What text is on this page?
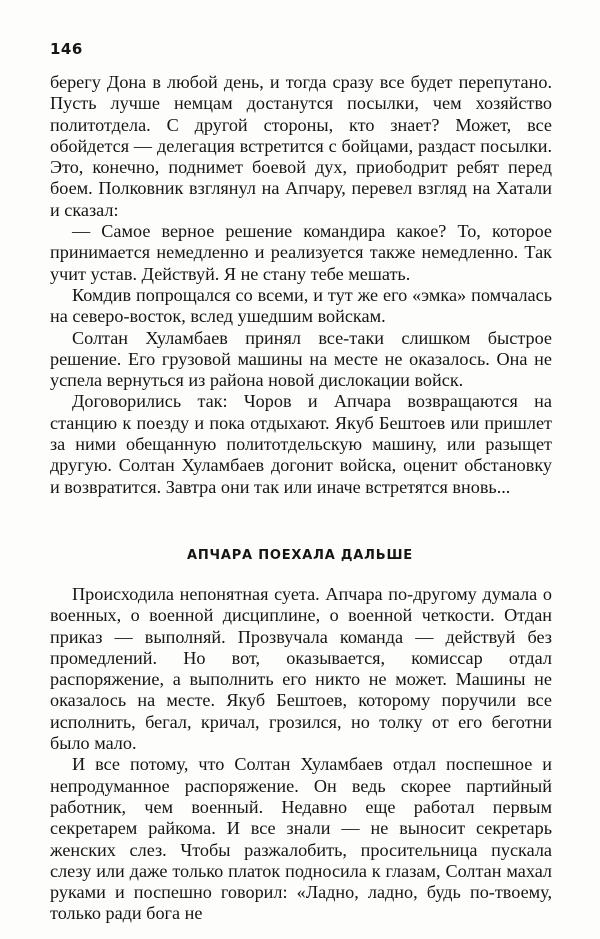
146

берегу Дона в любой день, и тогда сразу все будет перепутано. Пусть лучше немцам достанутся посылки, чем хозяйство политотдела. С другой стороны, кто знает? Может, все обойдется — делегация встретится с бойцами, раздаст посылки. Это, конечно, поднимет боевой дух, приободрит ребят перед боем. Полковник взглянул на Апчару, перевел взгляд на Хатали и сказал:

— Самое верное решение командира какое? То, которое принимается немедленно и реализуется также немедленно. Так учит устав. Действуй. Я не стану тебе мешать.

Комдив попрощался со всеми, и тут же его «эмка» помчалась на северо-восток, вслед ушедшим войскам.

Солтан Хуламбаев принял все-таки слишком быстрое решение. Его грузовой машины на месте не оказалось. Она не успела вернуться из района новой дислокации войск.

Договорились так: Чоров и Апчара возвращаются на станцию к поезду и пока отдыхают. Якуб Бештоев или пришлет за ними обещанную политотдельскую машину, или разыщет другую. Солтан Хуламбаев догонит войска, оценит обстановку и возвратится. Завтра они так или иначе встретятся вновь...

АПЧАРА ПОЕХАЛА ДАЛЬШЕ

Происходила непонятная суета. Апчара по-другому думала о военных, о военной дисциплине, о военной четкости. Отдан приказ — выполняй. Прозвучала команда — действуй без промедлений. Но вот, оказывается, комиссар отдал распоряжение, а выполнить его никто не может. Машины не оказалось на месте. Якуб Бештоев, которому поручили все исполнить, бегал, кричал, грозился, но толку от его беготни было мало.

И все потому, что Солтан Хуламбаев отдал поспешное и непродуманное распоряжение. Он ведь скорее партийный работник, чем военный. Недавно еще работал первым секретарем райкома. И все знали — не выносит секретарь женских слез. Чтобы разжалобить, просительница пускала слезу или даже только платок подносила к глазам, Солтан махал руками и поспешно говорил: «Ладно, ладно, будь по-твоему, только ради бога не
